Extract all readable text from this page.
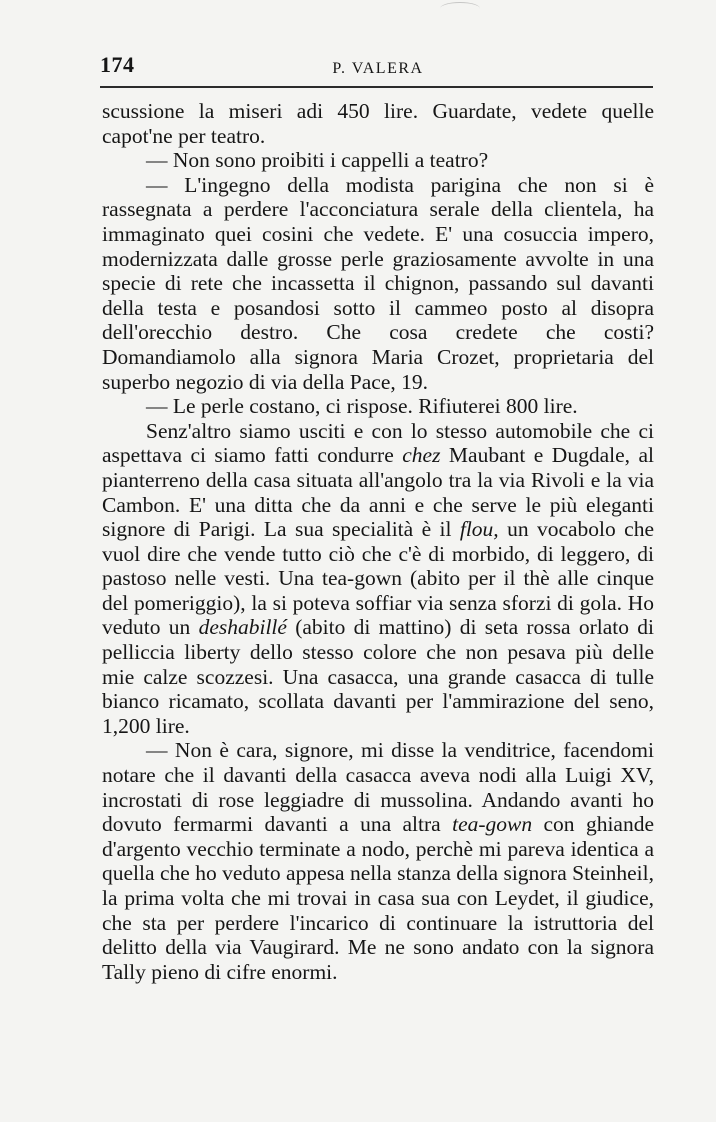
174	P. VALERA

scussione la miseri adi 450 lire. Guardate, vedete quelle capot'ne per teatro.

— Non sono proibiti i cappelli a teatro?

— L'ingegno della modista parigina che non si è rassegnata a perdere l'acconciatura serale della clientela, ha immaginato quei cosini che vedete. E' una cosuccia impero, modernizzata dalle grosse perle graziosamente avvolte in una specie di rete che incassetta il chignon, passando sul davanti della testa e posandosi sotto il cammeo posto al disopra dell'orecchio destro. Che cosa credete che costi? Domandiamolo alla signora Maria Crozet, proprietaria del superbo negozio di via della Pace, 19.

— Le perle costano, ci rispose. Rifiuterei 800 lire.

Senz'altro siamo usciti e con lo stesso automobile che ci aspettava ci siamo fatti condurre chez Maubant e Dugdale, al pianterreno della casa situata all'angolo tra la via Rivoli e la via Cambon. E' una ditta che da anni e che serve le più eleganti signore di Parigi. La sua specialità è il flou, un vocabolo che vuol dire che vende tutto ciò che c'è di morbido, di leggero, di pastoso nelle vesti. Una tea-gown (abito per il thè alle cinque del pomeriggio), la si poteva soffiar via senza sforzi di gola. Ho veduto un deshabillé (abito di mattino) di seta rossa orlato di pelliccia liberty dello stesso colore che non pesava più delle mie calze scozzesi. Una casacca, una grande casacca di tulle bianco ricamato, scollata davanti per l'ammirazione del seno, 1,200 lire.

— Non è cara, signore, mi disse la venditrice, facendomi notare che il davanti della casacca aveva nodi alla Luigi XV, incrostati di rose leggiadre di mussolina. Andando avanti ho dovuto fermarmi davanti a una altra tea-gown con ghiande d'argento vecchio terminate a nodo, perchè mi pareva identica a quella che ho veduto appesa nella stanza della signora Steinheil, la prima volta che mi trovai in casa sua con Leydet, il giudice, che sta per perdere l'incarico di continuare la istruttoria del delitto della via Vaugirard. Me ne sono andato con la signora Tally pieno di cifre enormi.
